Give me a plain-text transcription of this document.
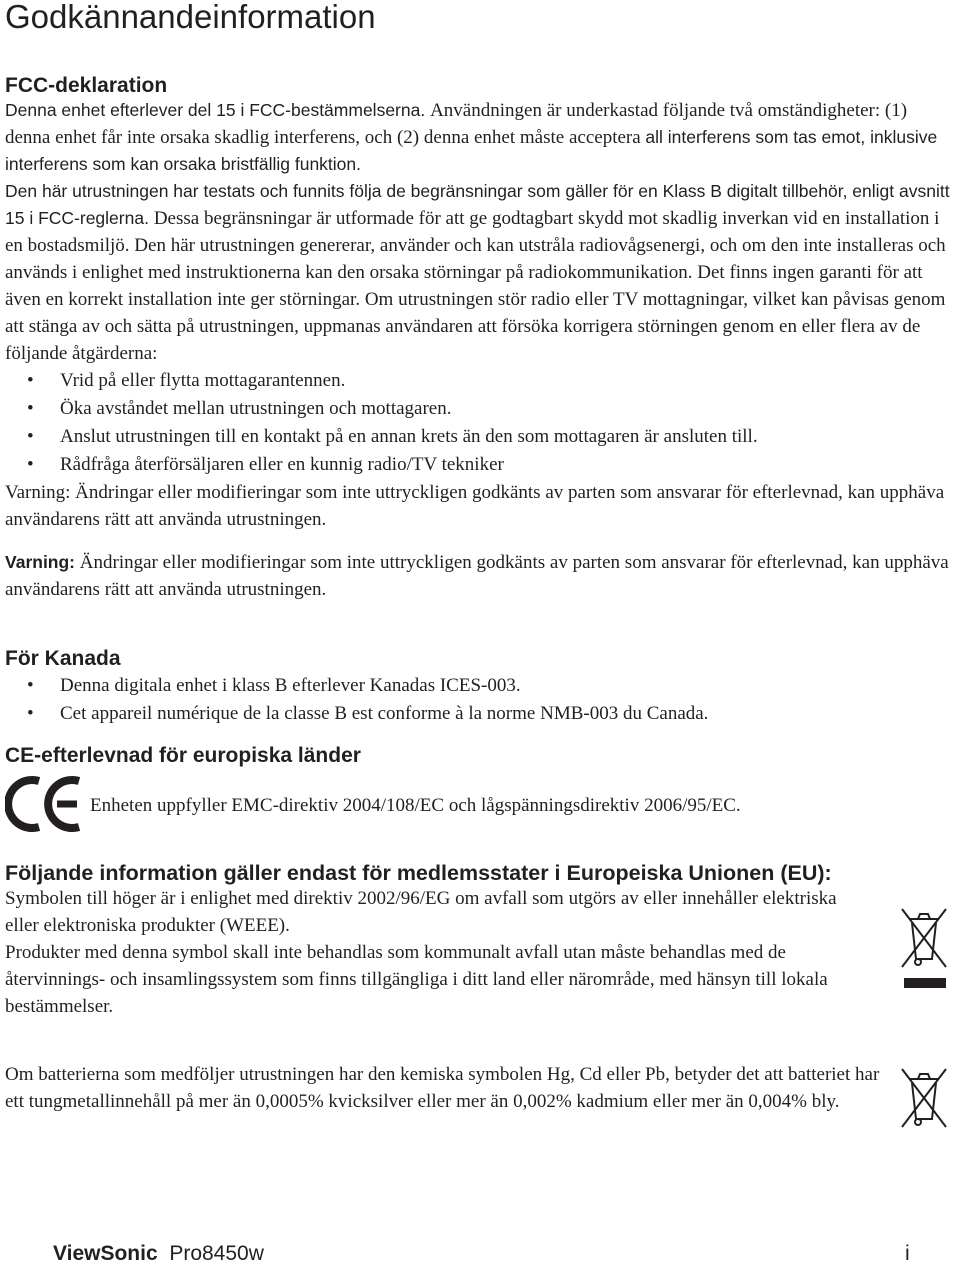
Godkännandeinformation

FCC-deklaration

Denna enhet efterlever del 15 i FCC-bestämmelserna. Användningen är underkastad följande två omständigheter: (1) denna enhet får inte orsaka skadlig interferens, och (2) denna enhet måste acceptera all interferens som tas emot, inklusive interferens som kan orsaka bristfällig funktion.

Den här utrustningen har testats och funnits följa de begränsningar som gäller för en Klass B digitalt tillbehör, enligt avsnitt 15 i FCC-reglerna. Dessa begränsningar är utformade för att ge godtagbart skydd mot skadlig inverkan vid en installation i en bostadsmiljö. Den här utrustningen genererar, använder och kan utstråla radiovågsenergi, och om den inte installeras och används i enlighet med instruktionerna kan den orsaka störningar på radiokommunikation. Det finns ingen garanti för att även en korrekt installation inte ger störningar. Om utrustningen stör radio eller TV mottagningar, vilket kan påvisas genom att stänga av och sätta på utrustningen, uppmanas användaren att försöka korrigera störningen genom en eller flera av de följande åtgärderna:

• Vrid på eller flytta mottagarantennen.
• Öka avståndet mellan utrustningen och mottagaren.
• Anslut utrustningen till en kontakt på en annan krets än den som mottagaren är ansluten till.
• Rådfråga återförsäljaren eller en kunnig radio/TV tekniker

Varning: Ändringar eller modifieringar som inte uttryckligen godkänts av parten som ansvarar för efterlevnad, kan upphäva användarens rätt att använda utrustningen.

Varning: Ändringar eller modifieringar som inte uttryckligen godkänts av parten som ansvarar för efterlevnad, kan upphäva användarens rätt att använda utrustningen.

För Kanada

• Denna digitala enhet i klass B efterlever Kanadas ICES-003.
• Cet appareil numérique de la classe B est conforme à la norme NMB-003 du Canada.

CE-efterlevnad för europiska länder

Enheten uppfyller EMC-direktiv 2004/108/EC och lågspänningsdirektiv 2006/95/EC.

Följande information gäller endast för medlemsstater i Europeiska Unionen (EU):

Symbolen till höger är i enlighet med direktiv 2002/96/EG om avfall som utgörs av eller innehåller elektriska eller elektroniska produkter (WEEE).

Produkter med denna symbol skall inte behandlas som kommunalt avfall utan måste behandlas med de återvinnings- och insamlingssystem som finns tillgängliga i ditt land eller närområde, med hänsyn till lokala bestämmelser.

Om batterierna som medföljer utrustningen har den kemiska symbolen Hg, Cd eller Pb, betyder det att batteriet har ett tungmetallinnehåll på mer än 0,0005% kvicksilver eller mer än 0,002% kadmium eller mer än 0,004% bly.

ViewSonic Pro8450w	i
